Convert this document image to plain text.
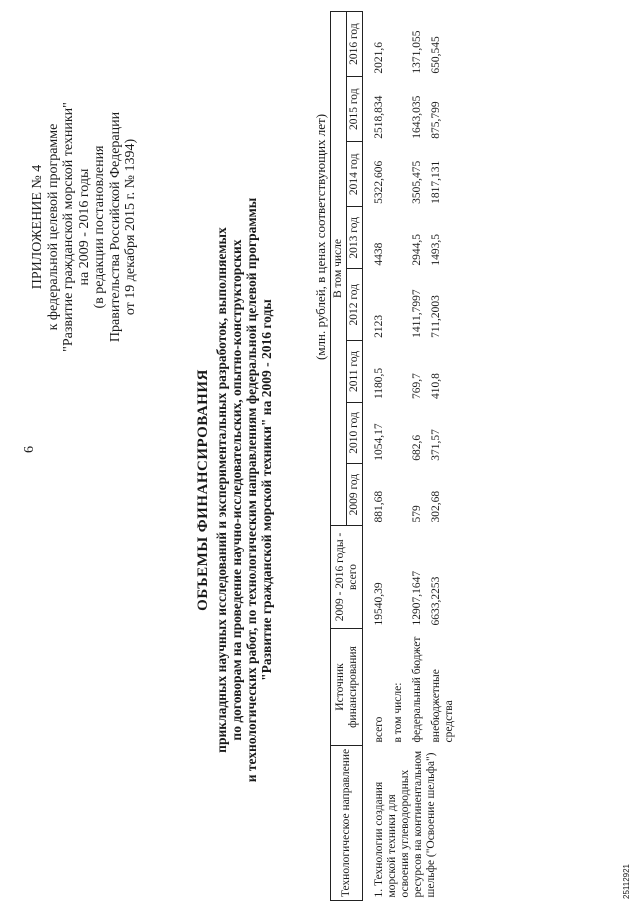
6
ПРИЛОЖЕНИЕ № 4 к федеральной целевой программе "Развитие гражданской морской техники" на 2009 - 2016 годы (в редакции постановления Правительства Российской Федерации от 19 декабря 2015 г. № 1394)
ОБЪЕМЫ ФИНАНСИРОВАНИЯ прикладных научных исследований и экспериментальных разработок, выполняемых по договорам на проведение научно-исследовательских, опытно-конструкторских и технологических работ, по технологическим направлениям федеральной целевой программы "Развитие гражданской морской техники" на 2009 - 2016 годы
(млн. рублей, в ценах соответствующих лет)
Технологическое направление	Источник финансирования	2009 - 2016 годы - всего	В том числе							
			2009 год	2010 год	2011 год	2012 год	2013 год	2014 год	2015 год	2016 год
1. Технологии создания морской техники для освоения углеводородных ресурсов на континентальном шельфе ("Освоение шельфа")	всего	19540,39	881,68	1054,17	1180,5	2123	4438	5322,606	2518,834	2021,6
	в том числе:									
	федеральный бюджет	12907,1647	579	682,6	769,7	1411,7997	2944,5	3505,475	1643,035	1371,055
	внебюджетные средства	6633,2253	302,68	371,57	410,8	711,2003	1493,5	1817,131	875,799	650,545
25112921
